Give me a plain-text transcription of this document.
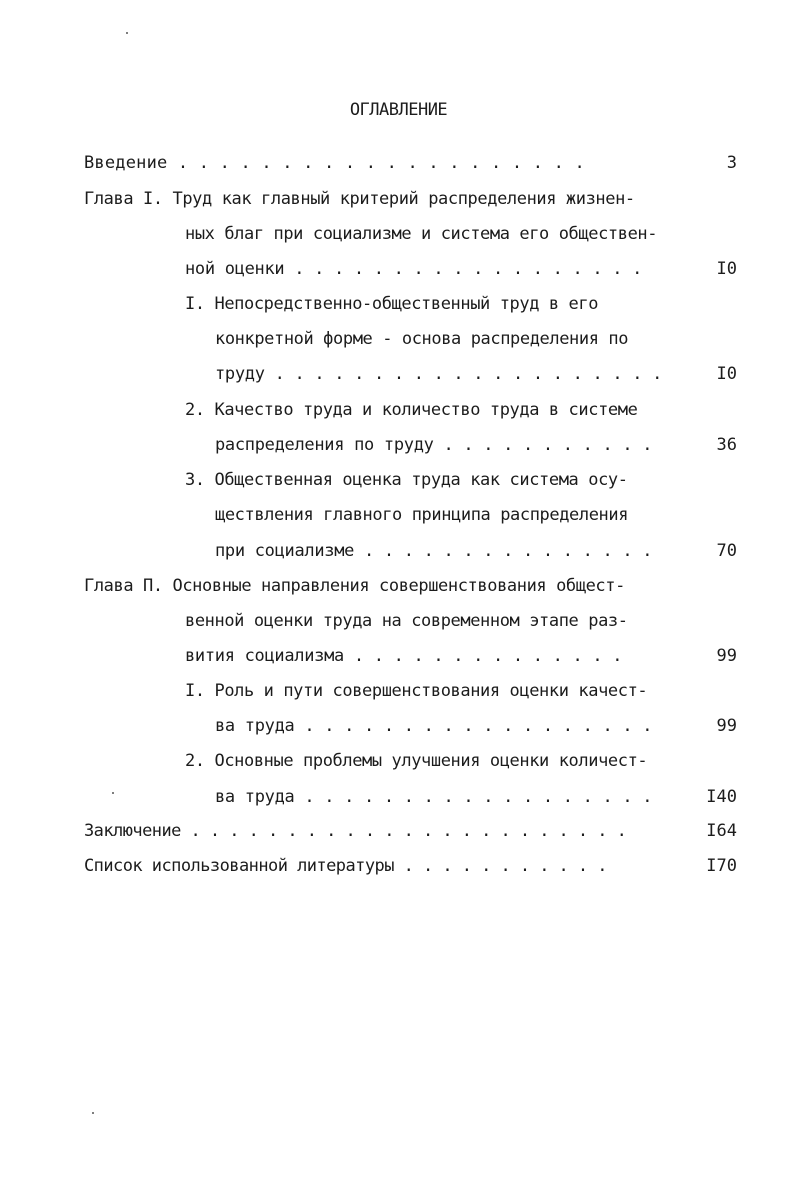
ОГЛАВЛЕНИЕ
Введение . . . . . . . . . . . . . . . . . . . .	3
Глава I. Труд как главный критерий распределения жизнен-
ных благ при социализме и система его обществен-
ной оценки . . . . . . . . . . . . . . . . . .	I0
I. Непосредственно-общественный труд в его
конкретной форме - основа распределения по
труду . . . . . . . . . . . . . . . . . . . .	I0
2. Качество труда и количество труда в системе
распределения по труду . . . . . . . . . . .	36
3. Общественная оценка труда как система осу-
ществления главного принципа распределения
при социализме . . . . . . . . . . . . . . .	70
Глава П. Основные направления совершенствования общест-
венной оценки труда на современном этапе раз-
вития социализма . . . . . . . . . . . . . .	99
I. Роль и пути совершенствования оценки качест-
ва труда . . . . . . . . . . . . . . . . . .	99
2. Основные проблемы улучшения оценки количест-
ва труда . . . . . . . . . . . . . . . . . .	I40
Заключение . . . . . . . . . . . . . . . . . . . . . . .	I64
Список использованной литературы . . . . . . . . . . .	I70
